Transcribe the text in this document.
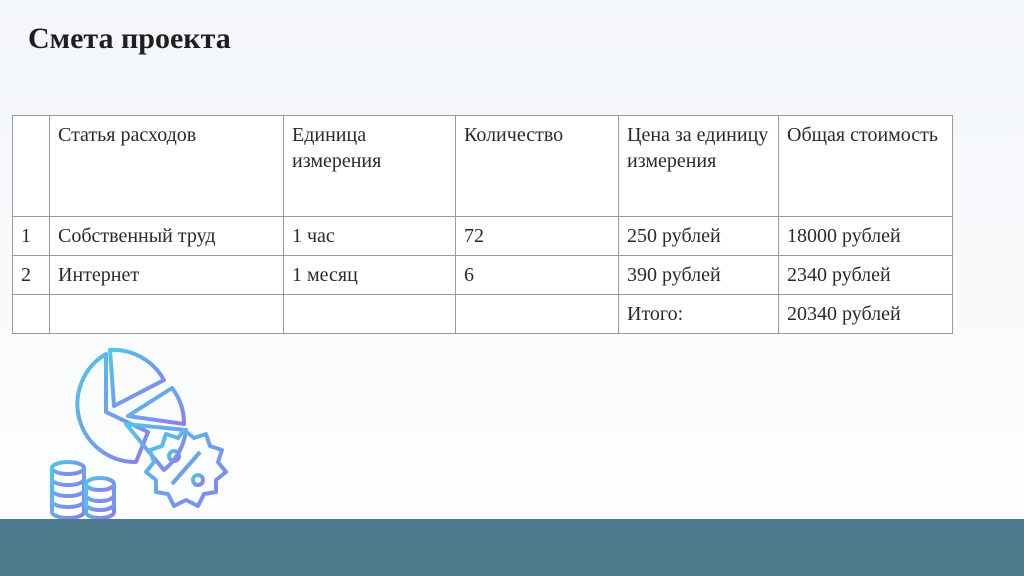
Смета проекта
	Статья расходов	Единица измерения	Количество	Цена за единицу измерения	Общая стоимость
1	Собственный труд	1 час	72	250 рублей	18000 рублей
2	Интернет	1 месяц	6	390 рублей	2340 рублей
				Итого:	20340 рублей
